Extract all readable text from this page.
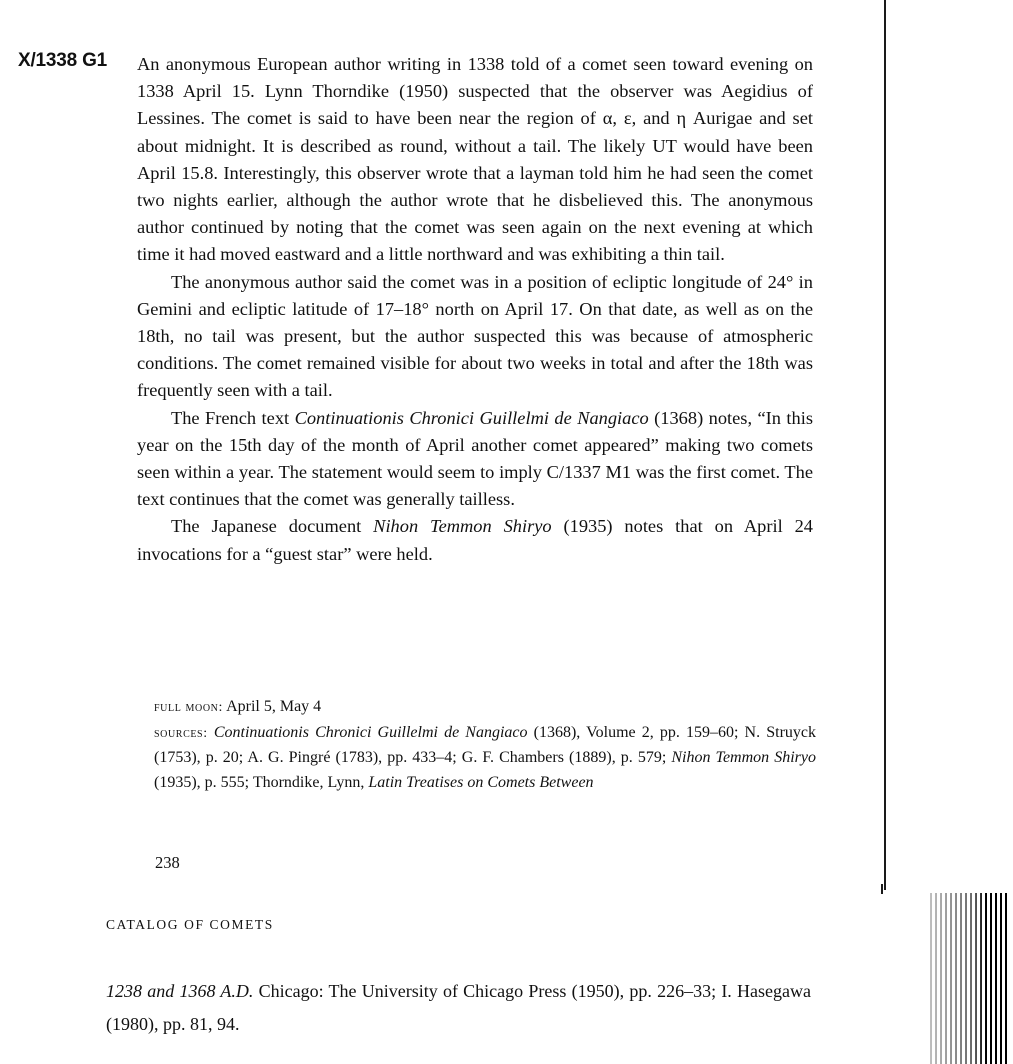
X/1338 G1 An anonymous European author writing in 1338 told of a comet seen toward evening on 1338 April 15. Lynn Thorndike (1950) suspected that the observer was Aegidius of Lessines. The comet is said to have been near the region of α, ε, and η Aurigae and set about midnight. It is described as round, without a tail. The likely UT would have been April 15.8. Interestingly, this observer wrote that a layman told him he had seen the comet two nights earlier, although the author wrote that he disbelieved this. The anonymous author continued by noting that the comet was seen again on the next evening at which time it had moved eastward and a little northward and was exhibiting a thin tail.

The anonymous author said the comet was in a position of ecliptic longitude of 24° in Gemini and ecliptic latitude of 17–18° north on April 17. On that date, as well as on the 18th, no tail was present, but the author suspected this was because of atmospheric conditions. The comet remained visible for about two weeks in total and after the 18th was frequently seen with a tail.

The French text Continuationis Chronici Guillelmi de Nangiaco (1368) notes, “In this year on the 15th day of the month of April another comet appeared” making two comets seen within a year. The statement would seem to imply C/1337 M1 was the first comet. The text continues that the comet was generally tailless.

The Japanese document Nihon Temmon Shiryo (1935) notes that on April 24 invocations for a “guest star” were held.

full moon: April 5, May 4

sources: Continuationis Chronici Guillelmi de Nangiaco (1368), Volume 2, pp. 159–60; N. Struyck (1753), p. 20; A. G. Pingré (1783), pp. 433–4; G. F. Chambers (1889), p. 579; Nihon Temmon Shiryo (1935), p. 555; Thorndike, Lynn, Latin Treatises on Comets Between

238
CATALOG OF COMETS

1238 and 1368 A.D. Chicago: The University of Chicago Press (1950), pp. 226–33; I. Hasegawa (1980), pp. 81, 94.
